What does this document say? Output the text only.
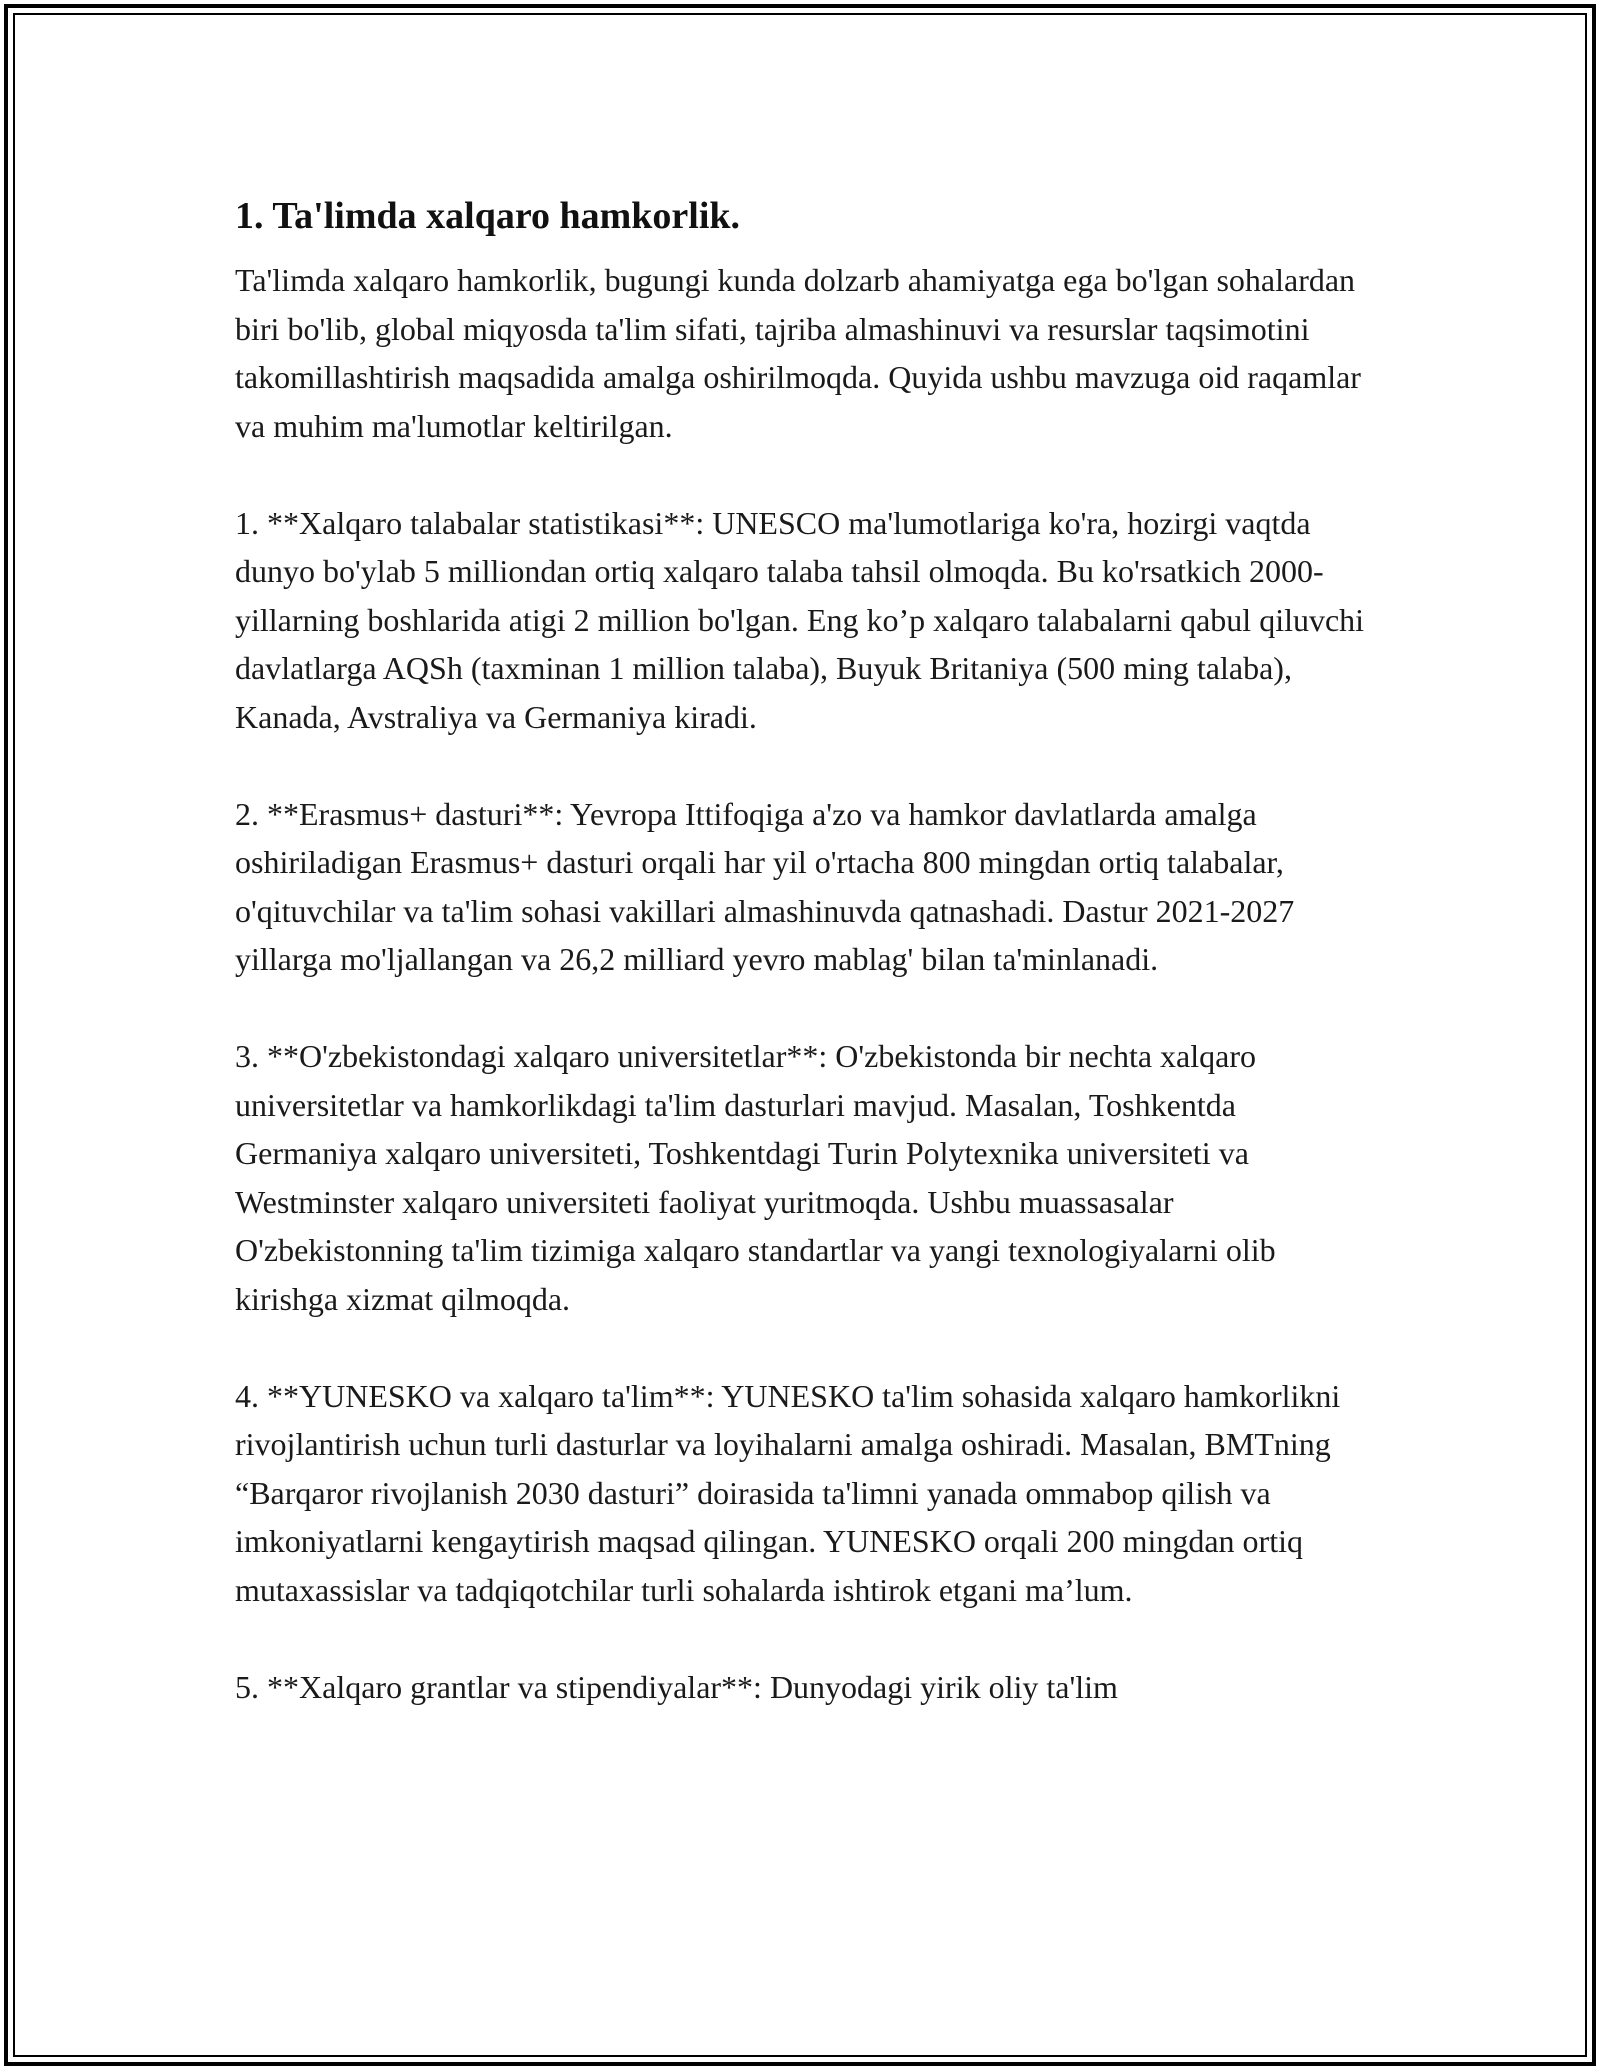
1. Ta'limda xalqaro hamkorlik.

Ta'limda xalqaro hamkorlik, bugungi kunda dolzarb ahamiyatga ega bo'lgan sohalardan biri bo'lib, global miqyosda ta'lim sifati, tajriba almashinuvi va resurslar taqsimotini takomillashtirish maqsadida amalga oshirilmoqda. Quyida ushbu mavzuga oid raqamlar va muhim ma'lumotlar keltirilgan.

1. **Xalqaro talabalar statistikasi**: UNESCO ma'lumotlariga ko'ra, hozirgi vaqtda dunyo bo'ylab 5 milliondan ortiq xalqaro talaba tahsil olmoqda. Bu ko'rsatkich 2000-yillarning boshlarida atigi 2 million bo'lgan. Eng ko’p xalqaro talabalarni qabul qiluvchi davlatlarga AQSh (taxminan 1 million talaba), Buyuk Britaniya (500 ming talaba), Kanada, Avstraliya va Germaniya kiradi.

2. **Erasmus+ dasturi**: Yevropa Ittifoqiga a'zo va hamkor davlatlarda amalga oshiriladigan Erasmus+ dasturi orqali har yil o'rtacha 800 mingdan ortiq talabalar, o'qituvchilar va ta'lim sohasi vakillari almashinuvda qatnashadi. Dastur 2021-2027 yillarga mo'ljallangan va 26,2 milliard yevro mablag' bilan ta'minlanadi.

3. **O'zbekistondagi xalqaro universitetlar**: O'zbekistonda bir nechta xalqaro universitetlar va hamkorlikdagi ta'lim dasturlari mavjud. Masalan, Toshkentda Germaniya xalqaro universiteti, Toshkentdagi Turin Polytexnika universiteti va Westminster xalqaro universiteti faoliyat yuritmoqda. Ushbu muassasalar O'zbekistonning ta'lim tizimiga xalqaro standartlar va yangi texnologiyalarni olib kirishga xizmat qilmoqda.

4. **YUNESKO va xalqaro ta'lim**: YUNESKO ta'lim sohasida xalqaro hamkorlikni rivojlantirish uchun turli dasturlar va loyihalarni amalga oshiradi. Masalan, BMTning “Barqaror rivojlanish 2030 dasturi” doirasida ta'limni yanada ommabop qilish va imkoniyatlarni kengaytirish maqsad qilingan. YUNESKO orqali 200 mingdan ortiq mutaxassislar va tadqiqotchilar turli sohalarda ishtirok etgani ma’lum.

5. **Xalqaro grantlar va stipendiyalar**: Dunyodagi yirik oliy ta'lim
